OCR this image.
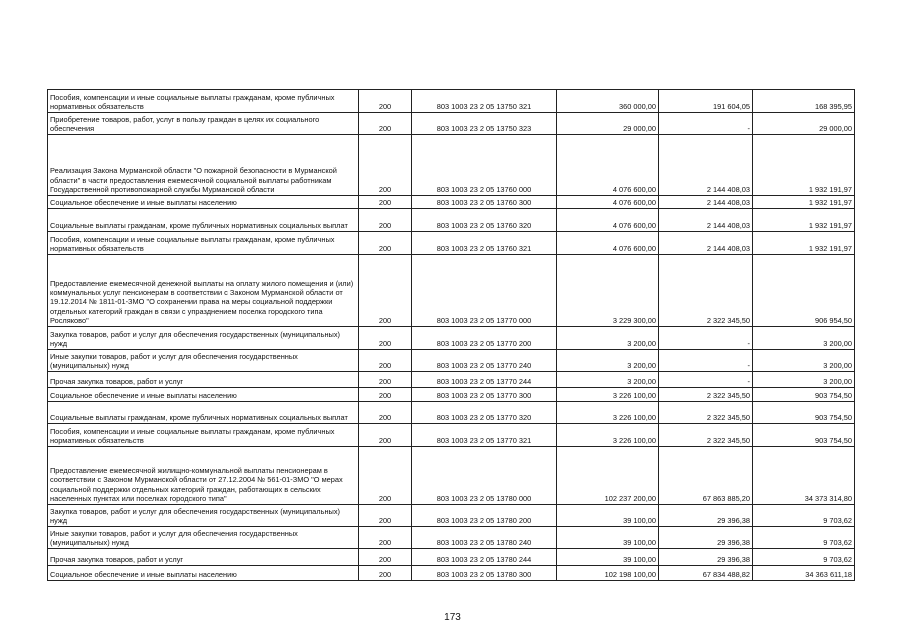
Пособия, компенсации и иные социальные выплаты гражданам, кроме публичных нормативных обязательств	200	803 1003 23 2 05 13750 321	360 000,00	191 604,05	168 395,95
Приобретение товаров, работ, услуг в пользу граждан в целях их социального обеспечения	200	803 1003 23 2 05 13750 323	29 000,00	-	29 000,00
Реализация Закона Мурманской области "О пожарной безопасности в Мурманской области" в части предоставления ежемесячной социальной выплаты работникам Государственной противопожарной службы Мурманской области	200	803 1003 23 2 05 13760 000	4 076 600,00	2 144 408,03	1 932 191,97
Социальное обеспечение и иные выплаты населению	200	803 1003 23 2 05 13760 300	4 076 600,00	2 144 408,03	1 932 191,97
Социальные выплаты гражданам, кроме публичных нормативных социальных выплат	200	803 1003 23 2 05 13760 320	4 076 600,00	2 144 408,03	1 932 191,97
Пособия, компенсации и иные социальные выплаты гражданам, кроме публичных нормативных обязательств	200	803 1003 23 2 05 13760 321	4 076 600,00	2 144 408,03	1 932 191,97
Предоставление ежемесячной денежной выплаты на оплату жилого помещения и (или) коммунальных услуг пенсионерам в соответствии с Законом Мурманской области от 19.12.2014 № 1811-01-ЗМО "О сохранении права на меры социальной поддержки отдельных категорий граждан в связи с упразднением поселка городского типа Росляково"	200	803 1003 23 2 05 13770 000	3 229 300,00	2 322 345,50	906 954,50
Закупка товаров, работ и услуг для обеспечения государственных (муниципальных) нужд	200	803 1003 23 2 05 13770 200	3 200,00	-	3 200,00
Иные закупки товаров, работ и услуг для обеспечения государственных (муниципальных) нужд	200	803 1003 23 2 05 13770 240	3 200,00	-	3 200,00
Прочая закупка товаров, работ и услуг	200	803 1003 23 2 05 13770 244	3 200,00	-	3 200,00
Социальное обеспечение и иные выплаты населению	200	803 1003 23 2 05 13770 300	3 226 100,00	2 322 345,50	903 754,50
Социальные выплаты гражданам, кроме публичных нормативных социальных выплат	200	803 1003 23 2 05 13770 320	3 226 100,00	2 322 345,50	903 754,50
Пособия, компенсации и иные социальные выплаты гражданам, кроме публичных нормативных обязательств	200	803 1003 23 2 05 13770 321	3 226 100,00	2 322 345,50	903 754,50
Предоставление ежемесячной жилищно-коммунальной выплаты пенсионерам в соответствии с Законом Мурманской области от 27.12.2004 № 561-01-ЗМО "О мерах социальной поддержки отдельных категорий граждан, работающих в сельских населенных пунктах или поселках городского типа"	200	803 1003 23 2 05 13780 000	102 237 200,00	67 863 885,20	34 373 314,80
Закупка товаров, работ и услуг для обеспечения государственных (муниципальных) нужд	200	803 1003 23 2 05 13780 200	39 100,00	29 396,38	9 703,62
Иные закупки товаров, работ и услуг для обеспечения государственных (муниципальных) нужд	200	803 1003 23 2 05 13780 240	39 100,00	29 396,38	9 703,62
Прочая закупка товаров, работ и услуг	200	803 1003 23 2 05 13780 244	39 100,00	29 396,38	9 703,62
Социальное обеспечение и иные выплаты населению	200	803 1003 23 2 05 13780 300	102 198 100,00	67 834 488,82	34 363 611,18
173
